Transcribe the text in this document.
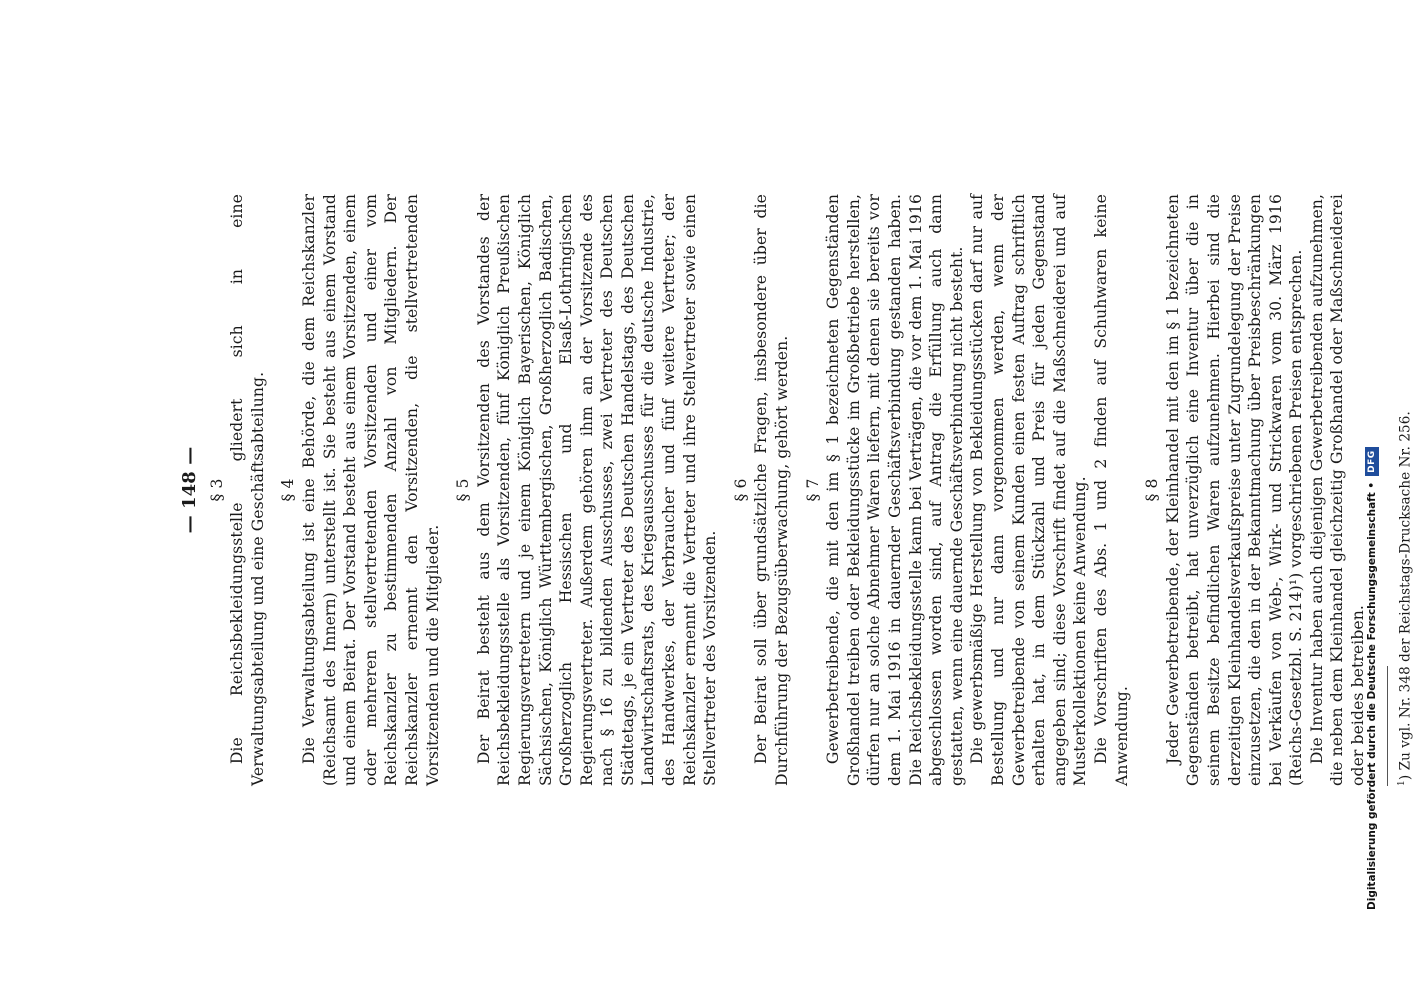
— 148 — § 3 Die Reichsbekleidungsstelle gliedert sich in eine Verwaltungsabteilung und eine Geschäftsabteilung. § 4 Die Verwaltungsabteilung ist eine Behörde, die dem Reichskanzler (Reichsamt des Innern) unterstellt ist. Sie besteht aus einem Vorstand und einem Beirat. Der Vorstand besteht aus einem Vorsitzenden, einem oder mehreren stellvertretenden Vorsitzenden und einer vom Reichskanzler zu bestimmenden Anzahl von Mitgliedern. Der Reichskanzler ernennt den Vorsitzenden, die stellvertretenden Vorsitzenden und die Mitglieder.

§ 5 Der Beirat besteht aus dem Vorsitzenden des Vorstandes der Reichsbekleidungsstelle als Vorsitzenden, fünf Königlich Preußischen Regierungsvertretern und je einem Königlich Bayerischen, Königlich Sächsischen, Königlich Württembergischen, Großherzoglich Badischen, Großherzoglich Hessischen und Elsaß-Lothringischen Regierungsvertreter. Außerdem gehören ihm an der Vorsitzende des nach § 16 zu bildenden Ausschusses, zwei Vertreter des Deutschen Städtetags, je ein Vertreter des Deutschen Handelstags, des Deutschen Landwirtschaftsrats, des Kriegsausschusses für die deutsche Industrie, des Handwerkes, der Verbraucher und fünf weitere Vertreter; der Reichskanzler ernennt die Vertreter und ihre Stellvertreter sowie einen Stellvertreter des Vorsitzenden.

§ 6 Der Beirat soll über grundsätzliche Fragen, insbesondere über die Durchführung der Bezugsüberwachung, gehört werden. § 7 Gewerbetreibende, die mit den im § 1 bezeichneten Gegenständen Großhandel treiben oder Bekleidungsstücke im Großbetriebe herstellen, dürfen nur an solche Abnehmer Waren liefern, mit denen sie bereits vor dem 1. Mai 1916 in dauernder Geschäftsverbindung gestanden haben. Die Reichsbekleidungsstelle kann bei Verträgen, die vor dem 1. Mai 1916 abgeschlossen worden sind, auf Antrag die Erfüllung auch dann gestatten, wenn eine dauernde Geschäftsverbindung nicht besteht. Die gewerbsmäßige Herstellung von Bekleidungsstücken darf nur auf Bestellung und nur dann vorgenommen werden, wenn der Gewerbetreibende von seinem Kunden einen festen Auftrag schriftlich erhalten hat, in dem Stückzahl und Preis für jeden Gegenstand angegeben sind; diese Vorschrift findet auf die Maßschneiderei und auf Musterkollektionen keine Anwendung. Die Vorschriften des Abs. 1 und 2 finden auf Schuhwaren keine Anwendung.

§ 8 Jeder Gewerbetreibende, der Kleinhandel mit den im § 1 bezeichneten Gegenständen betreibt, hat unverzüglich eine Inventur über die in seinem Besitze befindlichen Waren aufzunehmen. Hierbei sind die derzeitigen Kleinhandelsverkaufspreise unter Zugrundelegung der Preise einzusetzen, die den in der Bekanntmachung über Preisbeschränkungen bei Verkäufen von Web-, Wirk- und Strickwaren vom 30. März 1916 (Reichs-Gesetzbl. S. 214)¹) vorgeschriebenen Preisen entsprechen. Die Inventur haben auch diejenigen Gewerbetreibenden aufzunehmen, die neben dem Kleinhandel gleichzeitig Großhandel oder Maßschneiderei oder beides betreiben.	$^1$) Zu vgl. Nr. 348 der Reichstags-Drucksache Nr. 256.

Digitalisierung gefördert durch die Deutsche Forschungsgemeinschaft •
DFG
